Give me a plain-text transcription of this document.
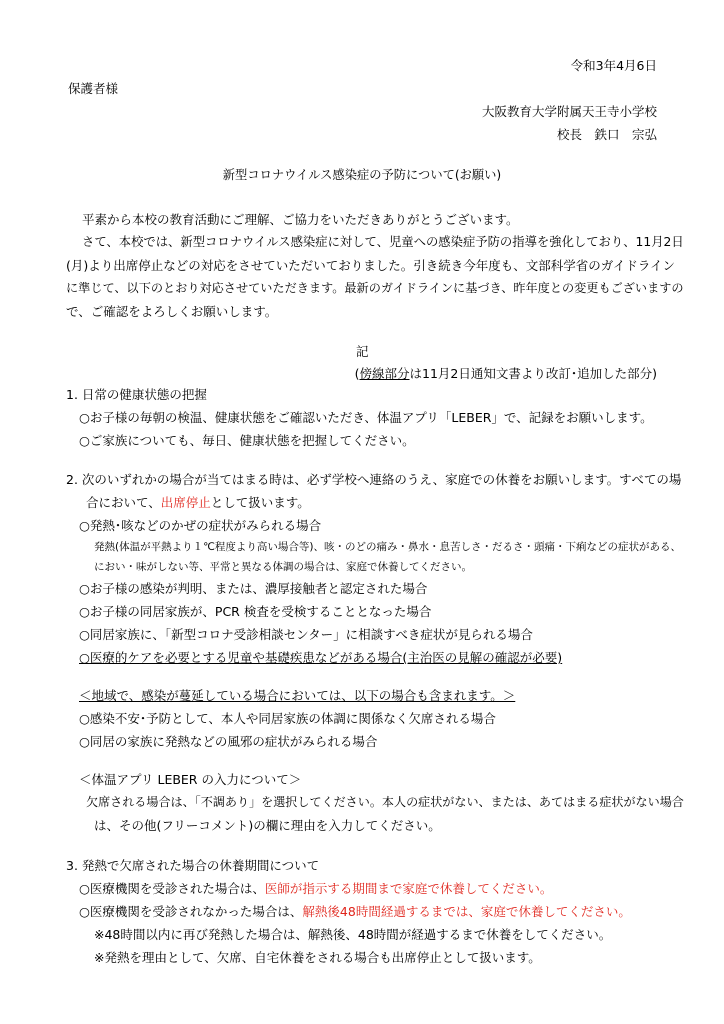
令和3年4月6日
保護者様
大阪教育大学附属天王寺小学校
校長　鉄口　宗弘
新型コロナウイルス感染症の予防について(お願い)
平素から本校の教育活動にご理解、ご協力をいただきありがとうございます。
さて、本校では、新型コロナウイルス感染症に対して、児童への感染症予防の指導を強化しており、11月2日
(月)より出席停止などの対応をさせていただいておりました。引き続き今年度も、文部科学省のガイドライン
に準じて、以下のとおり対応させていただきます。最新のガイドラインに基づき、昨年度との変更もございますの
で、ご確認をよろしくお願いします。
記
(傍線部分は11月2日通知文書より改訂･追加した部分)
1. 日常の健康状態の把握
○お子様の毎朝の検温、健康状態をご確認いただき、体温アプリ「LEBER」で、記録をお願いします。
○ご家族についても、毎日、健康状態を把握してください。
2. 次のいずれかの場合が当てはまる時は、必ず学校へ連絡のうえ、家庭での休養をお願いします。すべての場
合において、出席停止として扱います。
○発熱･咳などのかぜの症状がみられる場合
発熱(体温が平熱より１℃程度より高い場合等)、咳・のどの痛み・鼻水・息苦しさ・だるさ・頭痛・下痢などの症状がある、
におい・味がしない等、平常と異なる体調の場合は、家庭で休養してください。
○お子様の感染が判明、または、濃厚接触者と認定された場合
○お子様の同居家族が、PCR 検査を受検することとなった場合
○同居家族に、「新型コロナ受診相談センター」に相談すべき症状が見られる場合
○医療的ケアを必要とする児童や基礎疾患などがある場合(主治医の見解の確認が必要)
＜地域で、感染が蔓延している場合においては、以下の場合も含まれます。＞
○感染不安･予防として、本人や同居家族の体調に関係なく欠席される場合
○同居の家族に発熱などの風邪の症状がみられる場合
＜体温アプリ LEBER の入力について＞
欠席される場合は、「不調あり」を選択してください。本人の症状がない、または、あてはまる症状がない場合
は、その他(フリーコメント)の欄に理由を入力してください。
3. 発熱で欠席された場合の休養期間について
○医療機関を受診された場合は、医師が指示する期間まで家庭で休養してください。
○医療機関を受診されなかった場合は、解熱後48時間経過するまでは、家庭で休養してください。
※48時間以内に再び発熱した場合は、解熱後、48時間が経過するまで休養をしてください。
※発熱を理由として、欠席、自宅休養をされる場合も出席停止として扱います。
